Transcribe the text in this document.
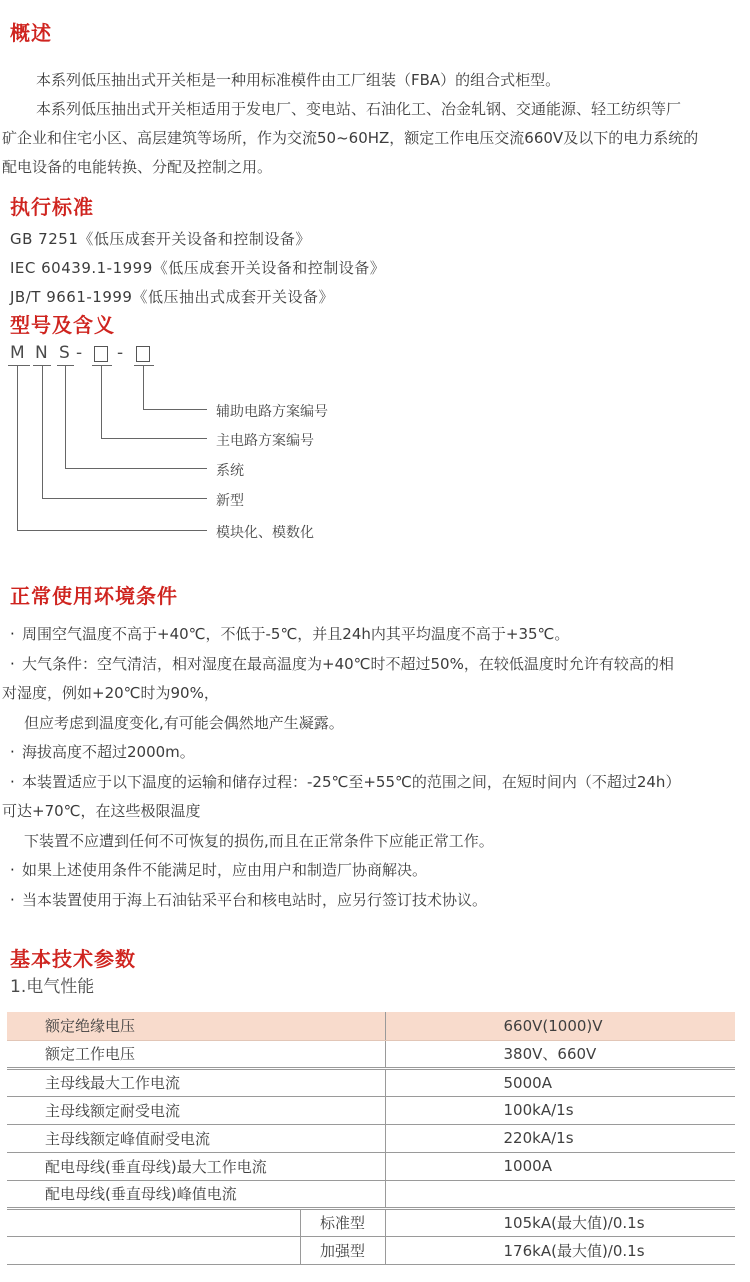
概述
本系列低压抽出式开关柜是一种用标准模件由工厂组装（FBA）的组合式柜型。
本系列低压抽出式开关柜适用于发电厂、变电站、石油化工、冶金轧钢、交通能源、轻工纺织等厂
矿企业和住宅小区、高层建筑等场所，作为交流50~60HZ，额定工作电压交流660V及以下的电力系统的
配电设备的电能转换、分配及控制之用。
执行标准
GB 7251《低压成套开关设备和控制设备》
IEC 60439.1-1999《低压成套开关设备和控制设备》
JB/T 9661-1999《低压抽出式成套开关设备》
型号及含义
M N S - -
辅助电路方案编号
主电路方案编号
系统
新型
模块化、模数化
正常使用环境条件
· 周围空气温度不高于+40℃，不低于-5℃，并且24h内其平均温度不高于+35℃。
· 大气条件：空气清洁，相对湿度在最高温度为+40℃时不超过50%，在较低温度时允许有较高的相
对湿度，例如+20℃时为90%，
但应考虑到温度变化,有可能会偶然地产生凝露。
· 海拔高度不超过2000m。
· 本装置适应于以下温度的运输和储存过程：-25℃至+55℃的范围之间，在短时间内（不超过24h）
可达+70℃，在这些极限温度
下装置不应遭到任何不可恢复的损伤,而且在正常条件下应能正常工作。
· 如果上述使用条件不能满足时，应由用户和制造厂协商解决。
· 当本装置使用于海上石油钻采平台和核电站时，应另行签订技术协议。
基本技术参数
1.电气性能
额定绝缘电压		660V(1000)V
额定工作电压		380V、660V
主母线最大工作电流		5000A
主母线额定耐受电流		100kA/1s
主母线额定峰值耐受电流		220kA/1s
配电母线(垂直母线)最大工作电流		1000A
配电母线(垂直母线)峰值电流		
	标准型	105kA(最大值)/0.1s
	加强型	176kA(最大值)/0.1s
